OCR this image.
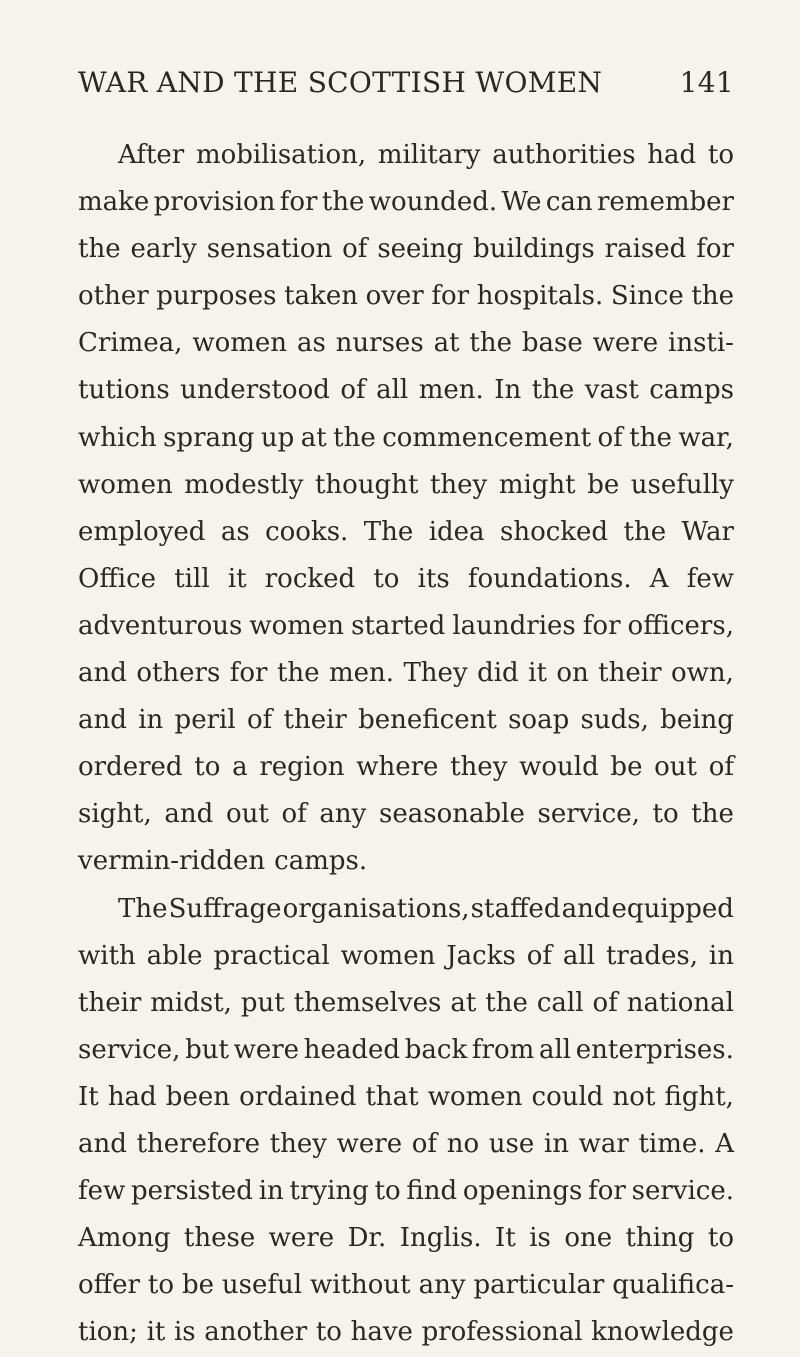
WAR AND THE SCOTTISH WOMEN	141
After mobilisation, military authorities had to
make provision for the wounded. We can remember
the early sensation of seeing buildings raised for
other purposes taken over for hospitals. Since the
Crimea, women as nurses at the base were insti-
tutions understood of all men. In the vast camps
which sprang up at the commencement of the war,
women modestly thought they might be usefully
employed as cooks. The idea shocked the War
Office till it rocked to its foundations. A few
adventurous women started laundries for officers,
and others for the men. They did it on their own,
and in peril of their beneficent soap suds, being
ordered to a region where they would be out of
sight, and out of any seasonable service, to the
vermin-ridden camps.
The Suffrage organisations, staffed and equipped
with able practical women Jacks of all trades, in
their midst, put themselves at the call of national
service, but were headed back from all enterprises.
It had been ordained that women could not fight,
and therefore they were of no use in war time. A
few persisted in trying to find openings for service.
Among these were Dr. Inglis. It is one thing to
offer to be useful without any particular qualifica-
tion; it is another to have professional knowledge
